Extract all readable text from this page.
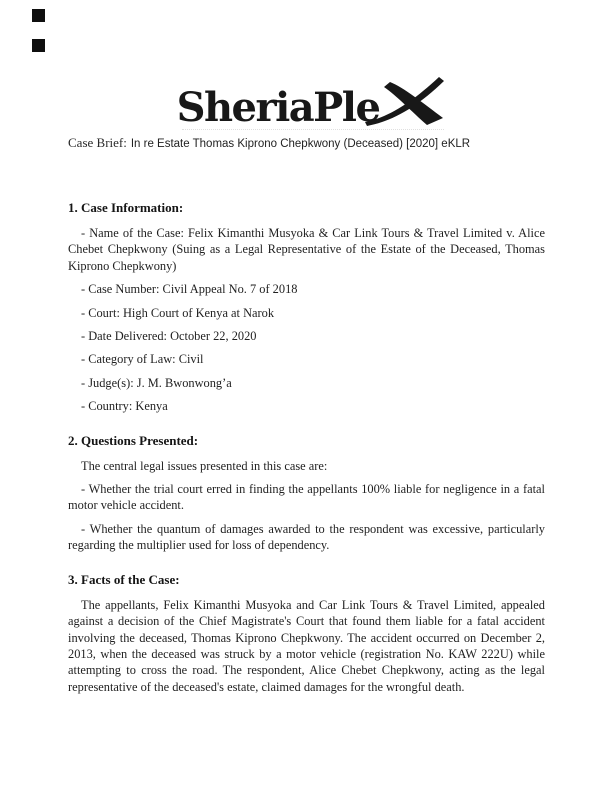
SheriaPle

Case Brief: In re Estate Thomas Kiprono Chepkwony (Deceased) [2020] eKLR

1. Case Information:

- Name of the Case: Felix Kimanthi Musyoka & Car Link Tours & Travel Limited v. Alice Chebet Chepkwony (Suing as a Legal Representative of the Estate of the Deceased, Thomas Kiprono Chepkwony)

- Case Number: Civil Appeal No. 7 of 2018

- Court: High Court of Kenya at Narok

- Date Delivered: October 22, 2020

- Category of Law: Civil

- Judge(s): J. M. Bwonwong’a

- Country: Kenya

2. Questions Presented:

The central legal issues presented in this case are:

- Whether the trial court erred in finding the appellants 100% liable for negligence in a fatal motor vehicle accident.

- Whether the quantum of damages awarded to the respondent was excessive, particularly regarding the multiplier used for loss of dependency.

3. Facts of the Case:

The appellants, Felix Kimanthi Musyoka and Car Link Tours & Travel Limited, appealed against a decision of the Chief Magistrate's Court that found them liable for a fatal accident involving the deceased, Thomas Kiprono Chepkwony. The accident occurred on December 2, 2013, when the deceased was struck by a motor vehicle (registration No. KAW 222U) while attempting to cross the road. The respondent, Alice Chebet Chepkwony, acting as the legal representative of the deceased's estate, claimed damages for the wrongful death.
